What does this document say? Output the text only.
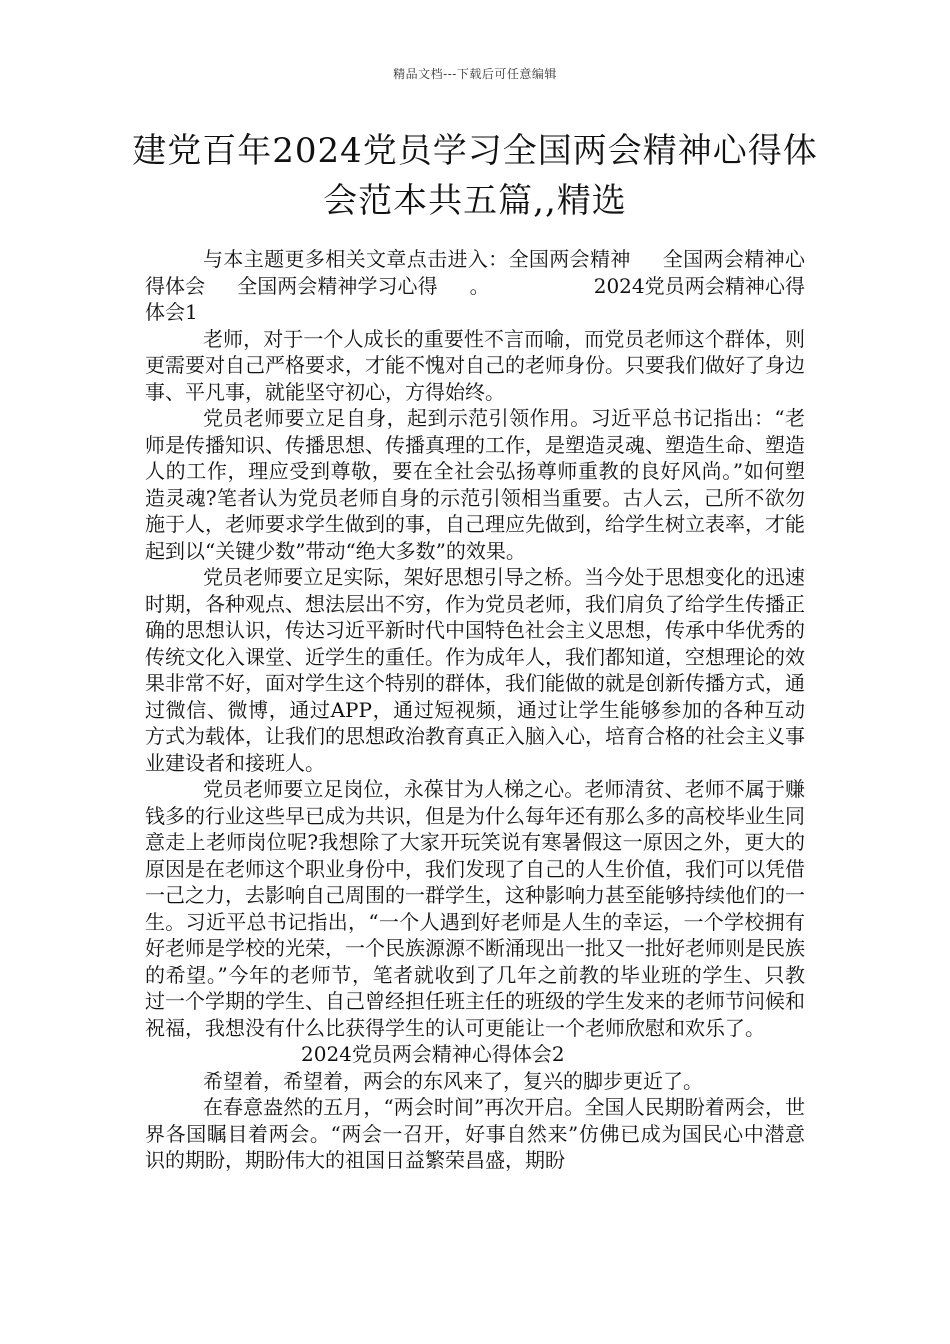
精品文档---下载后可任意编辑
建党百年2024党员学习全国两会精神心得体会范本共五篇,,精选

与本主题更多相关文章点击进入：全国两会精神 全国两会精神心得体会 全国两会精神学习心得 。	2024党员两会精神心得体会1

老师，对于一个人成长的重要性不言而喻，而党员老师这个群体，则更需要对自己严格要求，才能不愧对自己的老师身份。只要我们做好了身边事、平凡事，就能坚守初心，方得始终。

党员老师要立足自身，起到示范引领作用。习近平总书记指出：“老师是传播知识、传播思想、传播真理的工作，是塑造灵魂、塑造生命、塑造人的工作，理应受到尊敬，要在全社会弘扬尊师重教的良好风尚。”如何塑造灵魂?笔者认为党员老师自身的示范引领相当重要。古人云，己所不欲勿施于人，老师要求学生做到的事，自己理应先做到，给学生树立表率，才能起到以“关键少数”带动“绝大多数”的效果。

党员老师要立足实际，架好思想引导之桥。当今处于思想变化的迅速时期，各种观点、想法层出不穷，作为党员老师，我们肩负了给学生传播正确的思想认识，传达习近平新时代中国特色社会主义思想，传承中华优秀的传统文化入课堂、近学生的重任。作为成年人，我们都知道，空想理论的效果非常不好，面对学生这个特别的群体，我们能做的就是创新传播方式，通过微信、微博，通过APP，通过短视频，通过让学生能够参加的各种互动方式为载体，让我们的思想政治教育真正入脑入心，培育合格的社会主义事业建设者和接班人。

党员老师要立足岗位，永葆甘为人梯之心。老师清贫、老师不属于赚钱多的行业这些早已成为共识，但是为什么每年还有那么多的高校毕业生同意走上老师岗位呢?我想除了大家开玩笑说有寒暑假这一原因之外，更大的原因是在老师这个职业身份中，我们发现了自己的人生价值，我们可以凭借一己之力，去影响自己周围的一群学生，这种影响力甚至能够持续他们的一生。习近平总书记指出，“一个人遇到好老师是人生的幸运，一个学校拥有好老师是学校的光荣，一个民族源源不断涌现出一批又一批好老师则是民族的希望。”今年的老师节，笔者就收到了几年之前教的毕业班的学生、只教过一个学期的学生、自己曾经担任班主任的班级的学生发来的老师节问候和祝福，我想没有什么比获得学生的认可更能让一个老师欣慰和欢乐了。

2024党员两会精神心得体会2

希望着，希望着，两会的东风来了，复兴的脚步更近了。

在春意盎然的五月，“两会时间”再次开启。全国人民期盼着两会，世界各国瞩目着两会。“两会一召开，好事自然来”仿佛已成为国民心中潜意识的期盼，期盼伟大的祖国日益繁荣昌盛，期盼
